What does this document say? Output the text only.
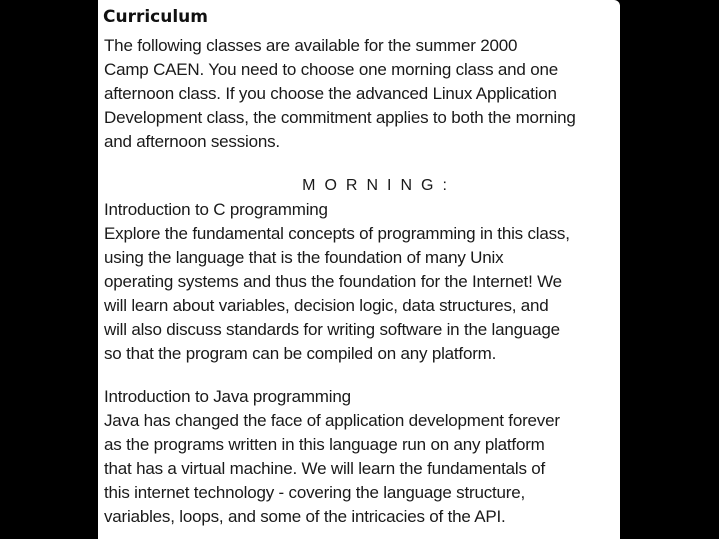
Curriculum
The following classes are available for the summer 2000
Camp CAEN. You need to choose one morning class and one
afternoon class. If you choose the advanced Linux Application
Development class, the commitment applies to both the morning
and afternoon sessions.
MORNING:
Introduction to C programming
Explore the fundamental concepts of programming in this class,
using the language that is the foundation of many Unix
operating systems and thus the foundation for the Internet! We
will learn about variables, decision logic, data structures, and
will also discuss standards for writing software in the language
so that the program can be compiled on any platform.
Introduction to Java programming
Java has changed the face of application development forever
as the programs written in this language run on any platform
that has a virtual machine. We will learn the fundamentals of
this internet technology - covering the language structure,
variables, loops, and some of the intricacies of the API.
